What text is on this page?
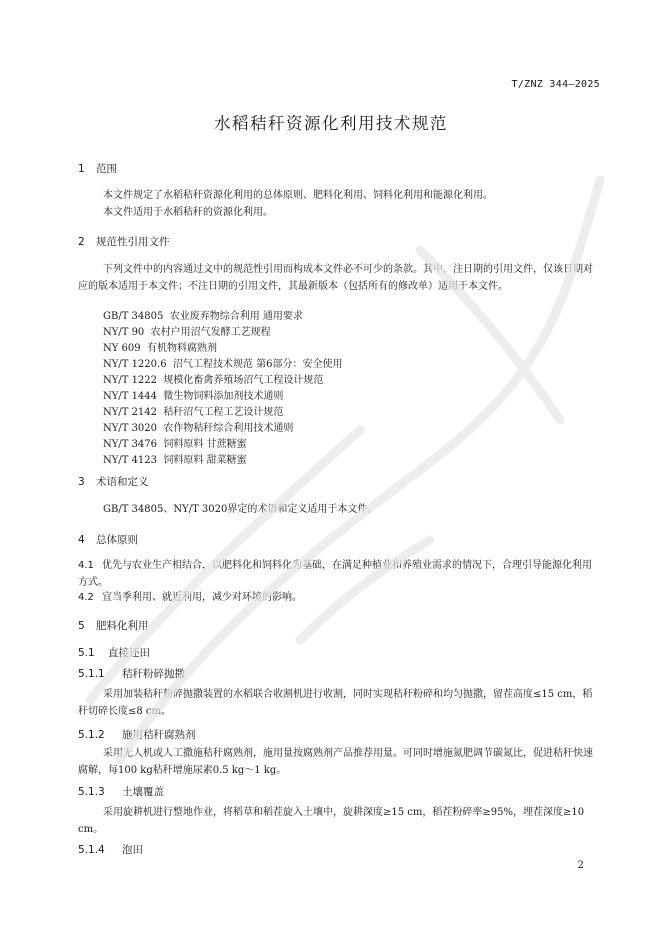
T/ZNZ 344—2025
水稻秸秆资源化利用技术规范
1 范围
本文件规定了水稻秸秆资源化利用的总体原则、肥料化利用、饲料化利用和能源化利用。
本文件适用于水稻秸秆的资源化利用。
2 规范性引用文件
下列文件中的内容通过文中的规范性引用而构成本文件必不可少的条款。其中，注日期的引用文件，仅该日期对应的版本适用于本文件；不注日期的引用文件，其最新版本（包括所有的修改单）适用于本文件。
GB/T 34805 农业废弃物综合利用 通用要求
NY/T 90 农村户用沼气发酵工艺规程
NY 609 有机物料腐熟剂
NY/T 1220.6 沼气工程技术规范 第6部分：安全使用
NY/T 1222 规模化畜禽养殖场沼气工程设计规范
NY/T 1444 微生物饲料添加剂技术通则
NY/T 2142 秸秆沼气工程工艺设计规范
NY/T 3020 农作物秸秆综合利用技术通则
NY/T 3476 饲料原料 甘蔗糖蜜
NY/T 4123 饲料原料 甜菜糖蜜
3 术语和定义
GB/T 34805、NY/T 3020界定的术语和定义适用于本文件。
4 总体原则
4.1 优先与农业生产相结合，以肥料化和饲料化为基础，在满足种植业和养殖业需求的情况下，合理引导能源化利用方式。
4.2 宜当季利用、就近利用，减少对环境的影响。
5 肥料化利用
5.1 直接还田
5.1.1 秸秆粉碎抛撒
采用加装秸秆粉碎抛撒装置的水稻联合收割机进行收割，同时实现秸秆粉碎和均匀抛撒，留茬高度≤15 cm，稻秆切碎长度≤8 cm。
5.1.2 施用秸秆腐熟剂
采用无人机或人工撒施秸秆腐熟剂，施用量按腐熟剂产品推荐用量。可同时增施氮肥调节碳氮比，促进秸秆快速腐解，每100 kg秸秆增施尿素0.5 kg～1 kg。
5.1.3 土壤覆盖
采用旋耕机进行整地作业，将稻草和稻茬旋入土壤中，旋耕深度≥15 cm，稻茬粉碎率≥95%，埋茬深度≥10 cm。
5.1.4 泡田
2
